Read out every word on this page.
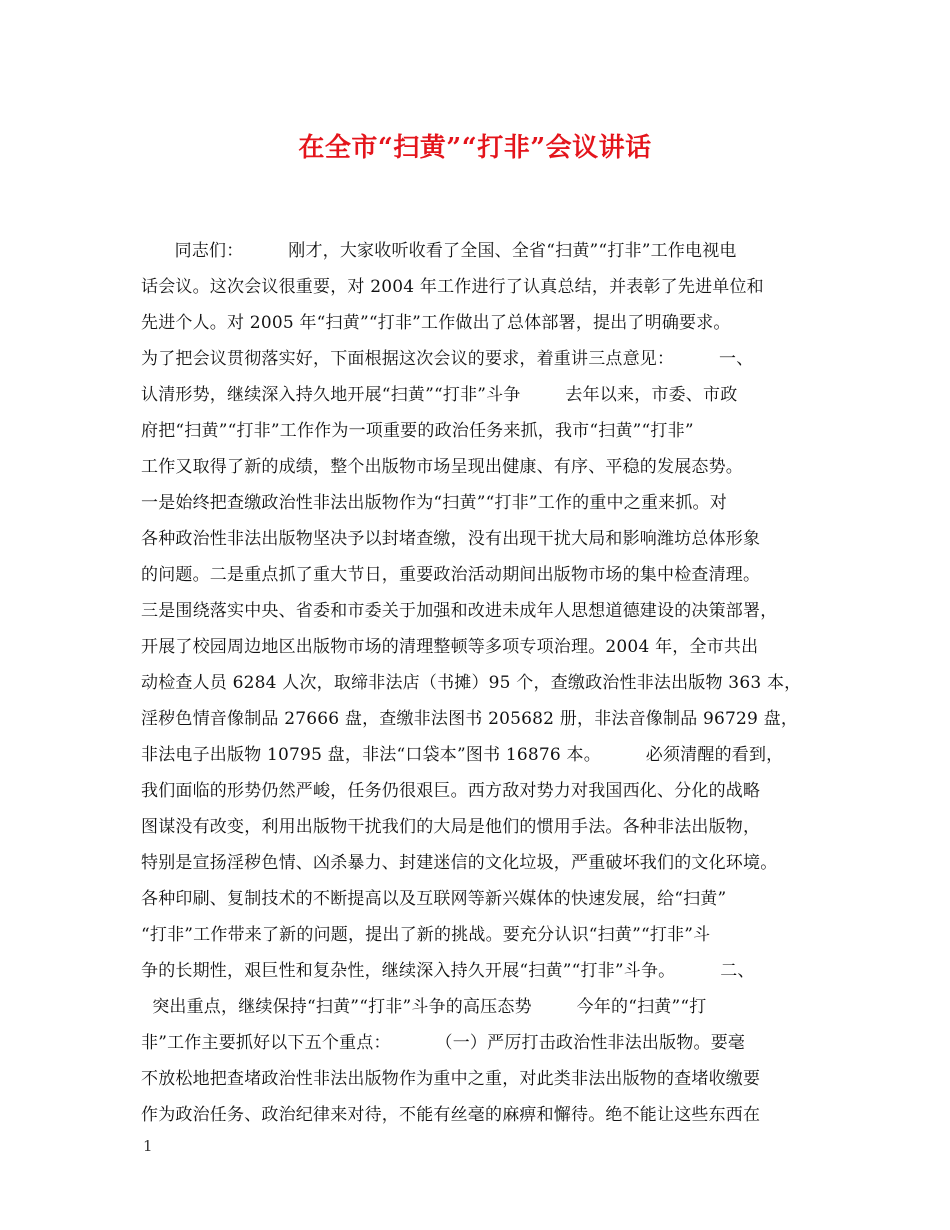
在全市“扫黄”“打非”会议讲话
同志们：        刚才，大家收听收看了全国、全省“扫黄”“打非”工作电视电
话会议。这次会议很重要，对 2004 年工作进行了认真总结，并表彰了先进单位和
先进个人。对 2005 年“扫黄”“打非”工作做出了总体部署，提出了明确要求。
为了把会议贯彻落实好，下面根据这次会议的要求，着重讲三点意见：        一、
认清形势，继续深入持久地开展“扫黄”“打非”斗争        去年以来，市委、市政
府把“扫黄”“打非”工作作为一项重要的政治任务来抓，我市“扫黄”“打非”
工作又取得了新的成绩，整个出版物市场呈现出健康、有序、平稳的发展态势。
一是始终把查缴政治性非法出版物作为“扫黄”“打非”工作的重中之重来抓。对
各种政治性非法出版物坚决予以封堵查缴，没有出现干扰大局和影响潍坊总体形象
的问题。二是重点抓了重大节日，重要政治活动期间出版物市场的集中检查清理。
三是围绕落实中央、省委和市委关于加强和改进未成年人思想道德建设的决策部署，
开展了校园周边地区出版物市场的清理整顿等多项专项治理。2004 年，全市共出
动检查人员 6284 人次，取缔非法店（书摊）95 个，查缴政治性非法出版物 363 本，
淫秽色情音像制品 27666 盘，查缴非法图书 205682 册，非法音像制品 96729 盘，
非法电子出版物 10795 盘，非法“口袋本”图书 16876 本。        必须清醒的看到，
我们面临的形势仍然严峻，任务仍很艰巨。西方敌对势力对我国西化、分化的战略
图谋没有改变，利用出版物干扰我们的大局是他们的惯用手法。各种非法出版物，
特别是宣扬淫秽色情、凶杀暴力、封建迷信的文化垃圾，严重破坏我们的文化环境。
各种印刷、复制技术的不断提高以及互联网等新兴媒体的快速发展，给“扫黄”
“打非”工作带来了新的问题，提出了新的挑战。要充分认识“扫黄”“打非”斗
争的长期性，艰巨性和复杂性，继续深入持久开展“扫黄”“打非”斗争。        二、
突出重点，继续保持“扫黄”“打非”斗争的高压态势        今年的“扫黄”“打
非”工作主要抓好以下五个重点：        （一）严厉打击政治性非法出版物。要毫
不放松地把查堵政治性非法出版物作为重中之重，对此类非法出版物的查堵收缴要
作为政治任务、政治纪律来对待，不能有丝毫的麻痹和懈待。绝不能让这些东西在
1
